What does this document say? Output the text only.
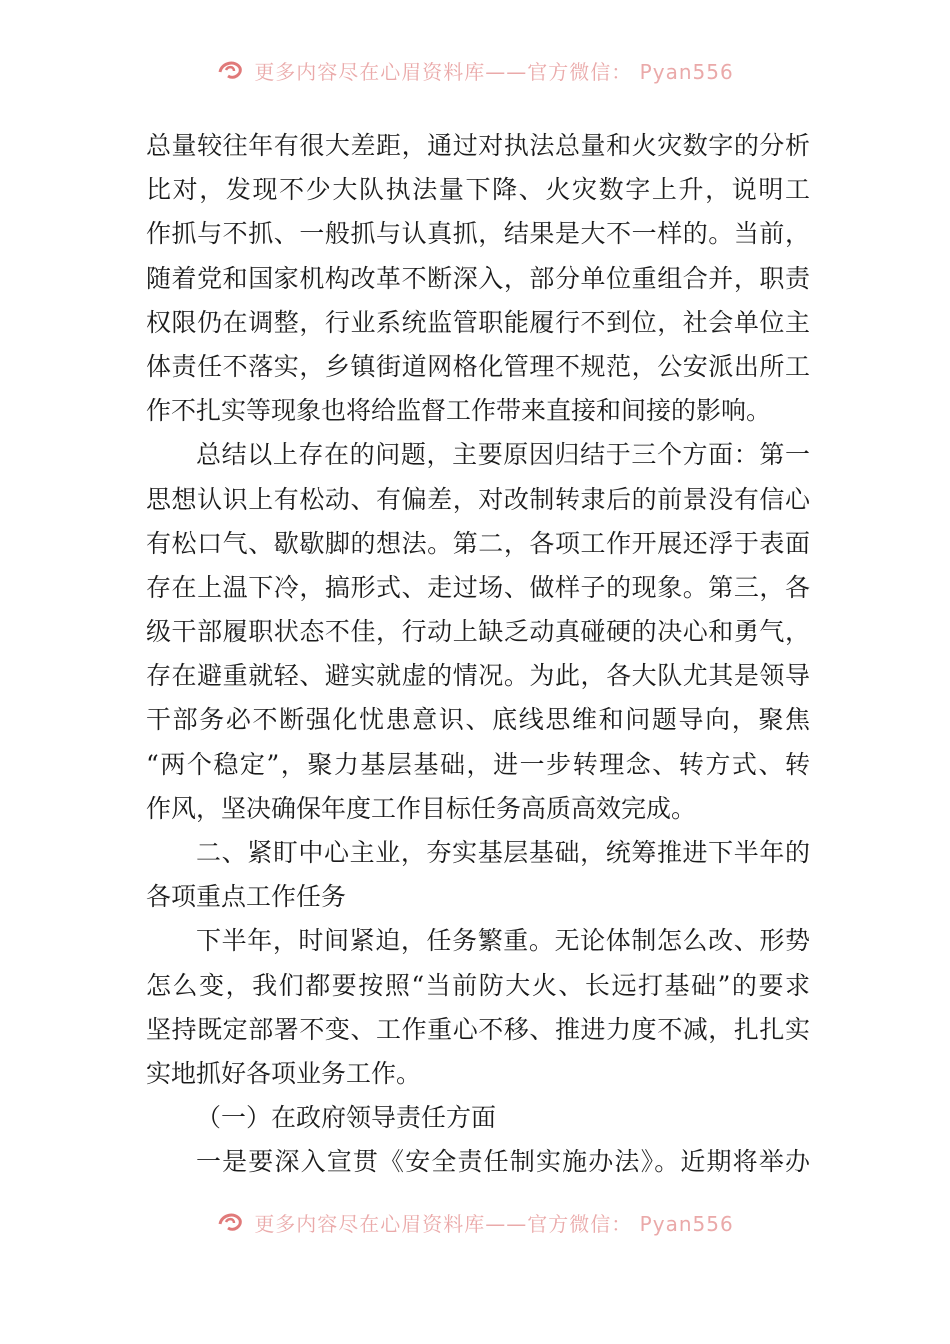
更多内容尽在心眉资料库——官方微信： Pyan556
总量较往年有很大差距，通过对执法总量和火灾数字的分析
比对，发现不少大队执法量下降、火灾数字上升，说明工
作抓与不抓、一般抓与认真抓，结果是大不一样的。当前，
随着党和国家机构改革不断深入，部分单位重组合并，职责
权限仍在调整，行业系统监管职能履行不到位，社会单位主
体责任不落实，乡镇街道网格化管理不规范，公安派出所工
作不扎实等现象也将给监督工作带来直接和间接的影响。
总结以上存在的问题，主要原因归结于三个方面：第一
思想认识上有松动、有偏差，对改制转隶后的前景没有信心
有松口气、歇歇脚的想法。第二，各项工作开展还浮于表面
存在上温下冷，搞形式、走过场、做样子的现象。第三，各
级干部履职状态不佳，行动上缺乏动真碰硬的决心和勇气，
存在避重就轻、避实就虚的情况。为此，各大队尤其是领导
干部务必不断强化忧患意识、底线思维和问题导向，聚焦
“两个稳定”，聚力基层基础，进一步转理念、转方式、转
作风，坚决确保年度工作目标任务高质高效完成。
二、紧盯中心主业，夯实基层基础，统筹推进下半年的
各项重点工作任务
下半年，时间紧迫，任务繁重。无论体制怎么改、形势
怎么变，我们都要按照“当前防大火、长远打基础”的要求
坚持既定部署不变、工作重心不移、推进力度不减，扎扎实
实地抓好各项业务工作。
（一）在政府领导责任方面
一是要深入宣贯《安全责任制实施办法》。近期将举办
更多内容尽在心眉资料库——官方微信： Pyan556
